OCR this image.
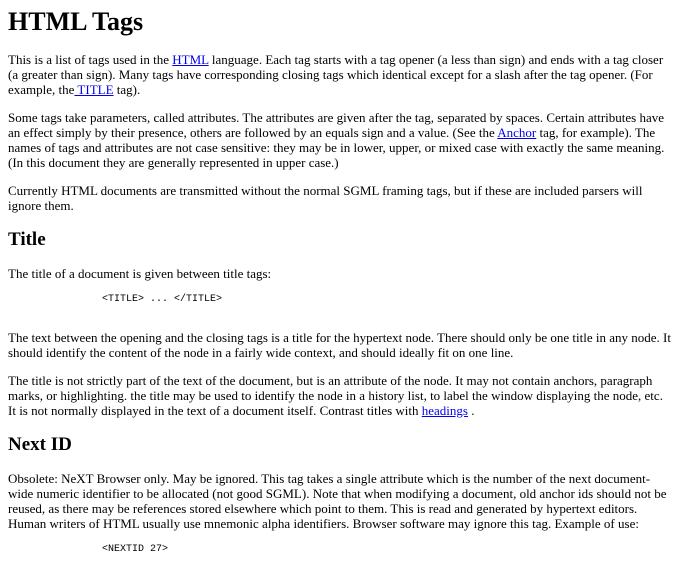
HTML Tags

This is a list of tags used in the HTML language. Each tag starts with a tag opener (a less than sign) and ends with a tag closer (a greater than sign). Many tags have corresponding closing tags which identical except for a slash after the tag opener. (For example, the TITLE tag).

Some tags take parameters, called attributes. The attributes are given after the tag, separated by spaces. Certain attributes have an effect simply by their presence, others are followed by an equals sign and a value. (See the Anchor tag, for example). The names of tags and attributes are not case sensitive: they may be in lower, upper, or mixed case with exactly the same meaning. (In this document they are generally represented in upper case.)

Currently HTML documents are transmitted without the normal SGML framing tags, but if these are included parsers will ignore them.

Title

The title of a document is given between title tags:

<TITLE> ... </TITLE>

The text between the opening and the closing tags is a title for the hypertext node. There should only be one title in any node. It should identify the content of the node in a fairly wide context, and should ideally fit on one line.

The title is not strictly part of the text of the document, but is an attribute of the node. It may not contain anchors, paragraph marks, or highlighting. the title may be used to identify the node in a history list, to label the window displaying the node, etc. It is not normally displayed in the text of a document itself. Contrast titles with headings .

Next ID

Obsolete: NeXT Browser only. May be ignored. This tag takes a single attribute which is the number of the next document-wide numeric identifier to be allocated (not good SGML). Note that when modifying a document, old anchor ids should not be reused, as there may be references stored elsewhere which point to them. This is read and generated by hypertext editors. Human writers of HTML usually use mnemonic alpha identifiers. Browser software may ignore this tag. Example of use:

<NEXTID 27>
